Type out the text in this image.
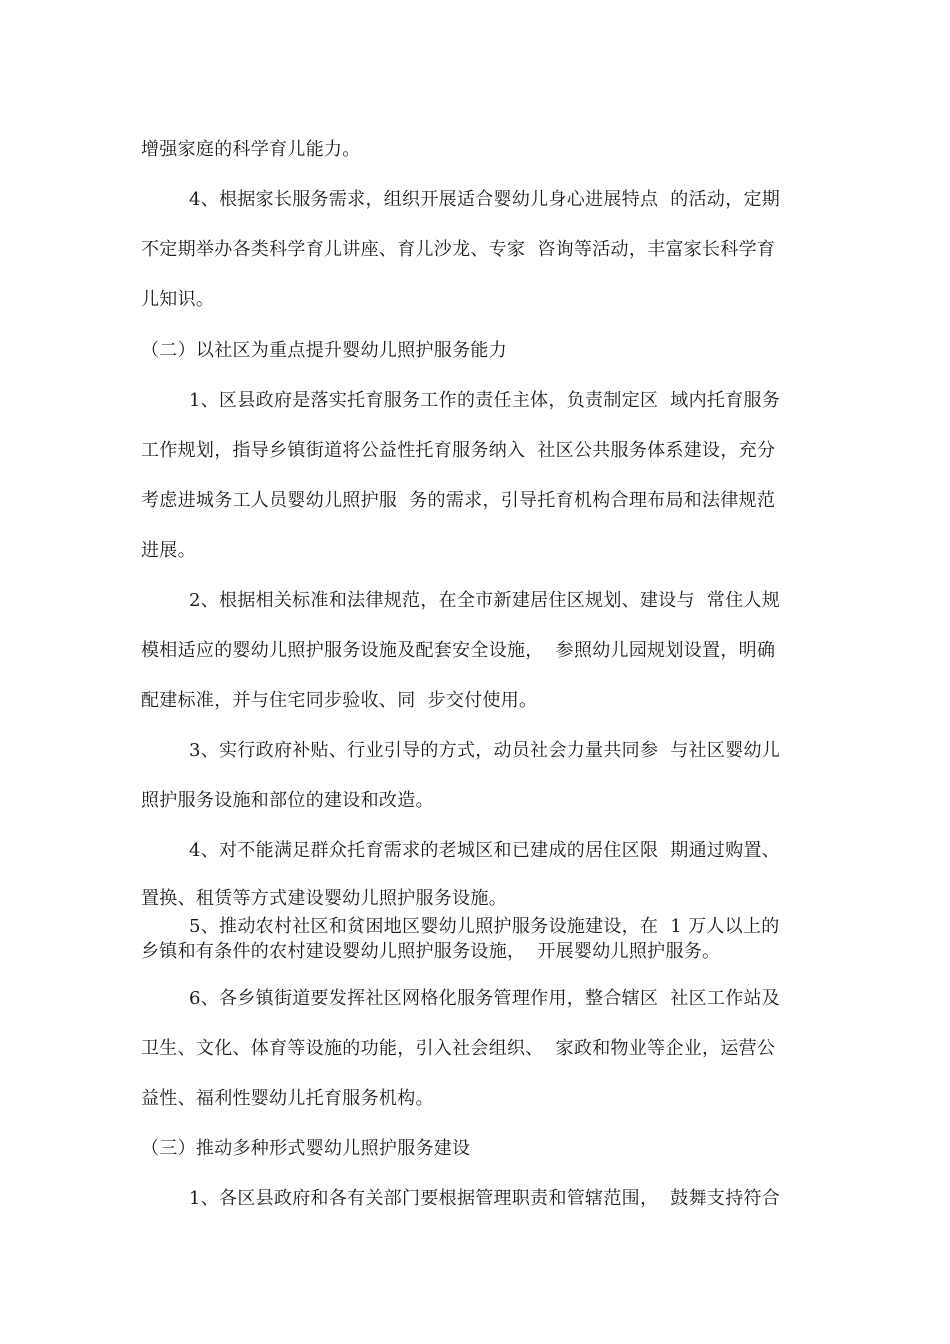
增强家庭的科学育儿能力。
4、根据家长服务需求，组织开展适合婴幼儿身心进展特点  的活动，定期
不定期举办各类科学育儿讲座、育儿沙龙、专家  咨询等活动，丰富家长科学育
儿知识。
（二）以社区为重点提升婴幼儿照护服务能力
1、区县政府是落实托育服务工作的责任主体，负责制定区  域内托育服务
工作规划，指导乡镇街道将公益性托育服务纳入  社区公共服务体系建设，充分
考虑进城务工人员婴幼儿照护服  务的需求，引导托育机构合理布局和法律规范
进展。
2、根据相关标准和法律规范，在全市新建居住区规划、建设与  常住人规
模相适应的婴幼儿照护服务设施及配套安全设施，  参照幼儿园规划设置，明确
配建标准，并与住宅同步验收、同  步交付使用。
3、实行政府补贴、行业引导的方式，动员社会力量共同参  与社区婴幼儿
照护服务设施和部位的建设和改造。
4、对不能满足群众托育需求的老城区和已建成的居住区限  期通过购置、
置换、租赁等方式建设婴幼儿照护服务设施。
5、推动农村社区和贫困地区婴幼儿照护服务设施建设，在  1 万人以上的
乡镇和有条件的农村建设婴幼儿照护服务设施，  开展婴幼儿照护服务。
6、各乡镇街道要发挥社区网格化服务管理作用，整合辖区  社区工作站及
卫生、文化、体育等设施的功能，引入社会组织、  家政和物业等企业，运营公
益性、福利性婴幼儿托育服务机构。
（三）推动多种形式婴幼儿照护服务建设
1、各区县政府和各有关部门要根据管理职责和管辖范围，  鼓舞支持符合
